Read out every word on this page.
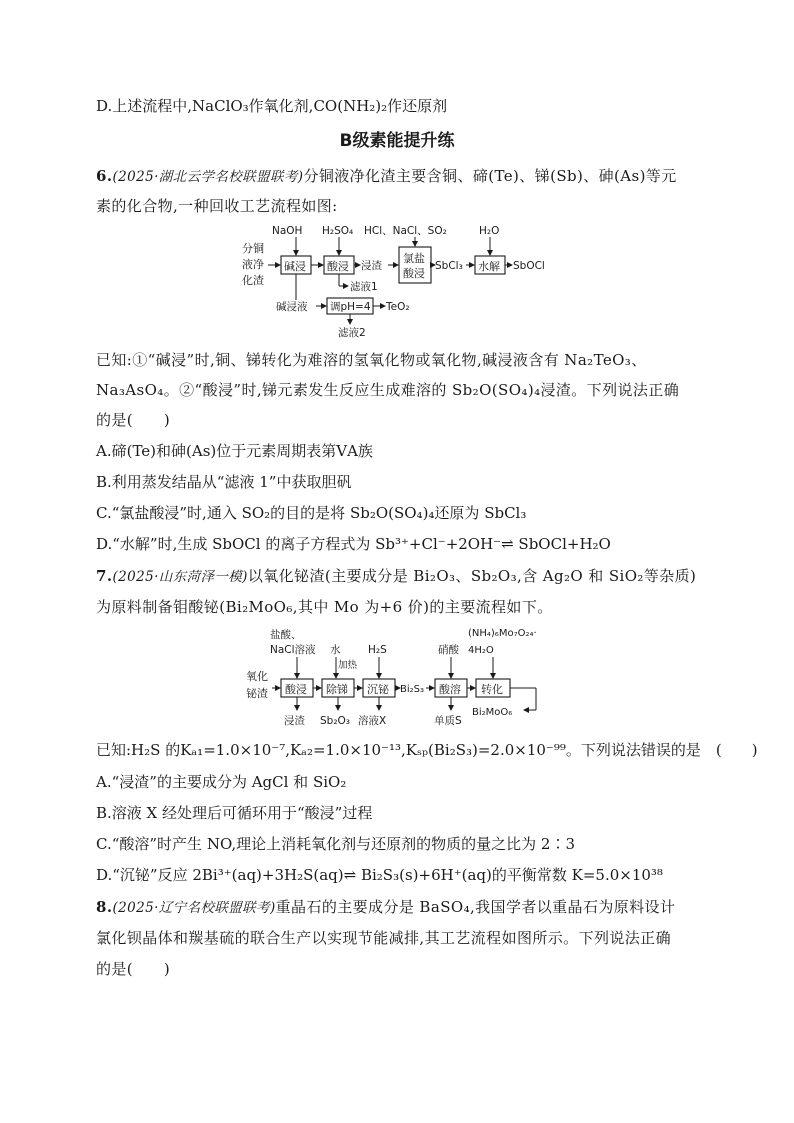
D.上述流程中,NaClO₃作氧化剂,CO(NH₂)₂作还原剂
B级素能提升练
6.(2025·湖北云学名校联盟联考)分铜液净化渣主要含铜、碲(Te)、锑(Sb)、砷(As)等元
素的化合物,一种回收工艺流程如图:
分铜
液净
化渣
碱浸
NaOH
酸浸
H₂SO₄
浸渣
滤液1
氯盐
酸浸
HCl、NaCl、SO₂
SbCl₃ 水解
H₂O
SbOCl
碱浸液 调pH=4 TeO₂
滤液2
已知:①“碱浸”时,铜、锑转化为难溶的氢氧化物或氧化物,碱浸液含有 Na₂TeO₃、
Na₃AsO₄。②“酸浸”时,锑元素发生反应生成难溶的 Sb₂O(SO₄)₄浸渣。下列说法正确
的是(　　)
A.碲(Te)和砷(As)位于元素周期表第ⅤA族
B.利用蒸发结晶从“滤液 1”中获取胆矾
C.“氯盐酸浸”时,通入 SO₂的目的是将 Sb₂O(SO₄)₄还原为 SbCl₃
D.“水解”时,生成 SbOCl 的离子方程式为 Sb³⁺+Cl⁻+2OH⁻⇌ SbOCl+H₂O
7.(2025·山东菏泽一模)以氧化铋渣(主要成分是 Bi₂O₃、Sb₂O₃,含 Ag₂O 和 SiO₂等杂质)
为原料制备钼酸铋(Bi₂MoO₆,其中 Mo 为+6 价)的主要流程如下。
氧化
铋渣 酸浸
盐酸、
NaCl溶液
浸渣
除锑
水
加热
Sb₂O₃
沉铋
H₂S
溶液X
Bi₂S₃ 酸溶
硝酸
单质S
转化
(NH₄)₆Mo₇O₂₄·
4H₂O
Bi₂MoO₆
已知:H₂S 的Kₐ₁=1.0×10⁻⁷,Kₐ₂=1.0×10⁻¹³,Kₛₚ(Bi₂S₃)=2.0×10⁻⁹⁹。下列说法错误的是　(　　)
A.“浸渣”的主要成分为 AgCl 和 SiO₂
B.溶液 X 经处理后可循环用于“酸浸”过程
C.“酸溶”时产生 NO,理论上消耗氧化剂与还原剂的物质的量之比为 2∶3
D.“沉铋”反应 2Bi³⁺(aq)+3H₂S(aq)⇌ Bi₂S₃(s)+6H⁺(aq)的平衡常数 K=5.0×10³⁸
8.(2025·辽宁名校联盟联考)重晶石的主要成分是 BaSO₄,我国学者以重晶石为原料设计
氯化钡晶体和羰基硫的联合生产以实现节能减排,其工艺流程如图所示。下列说法正确
的是(　　)
